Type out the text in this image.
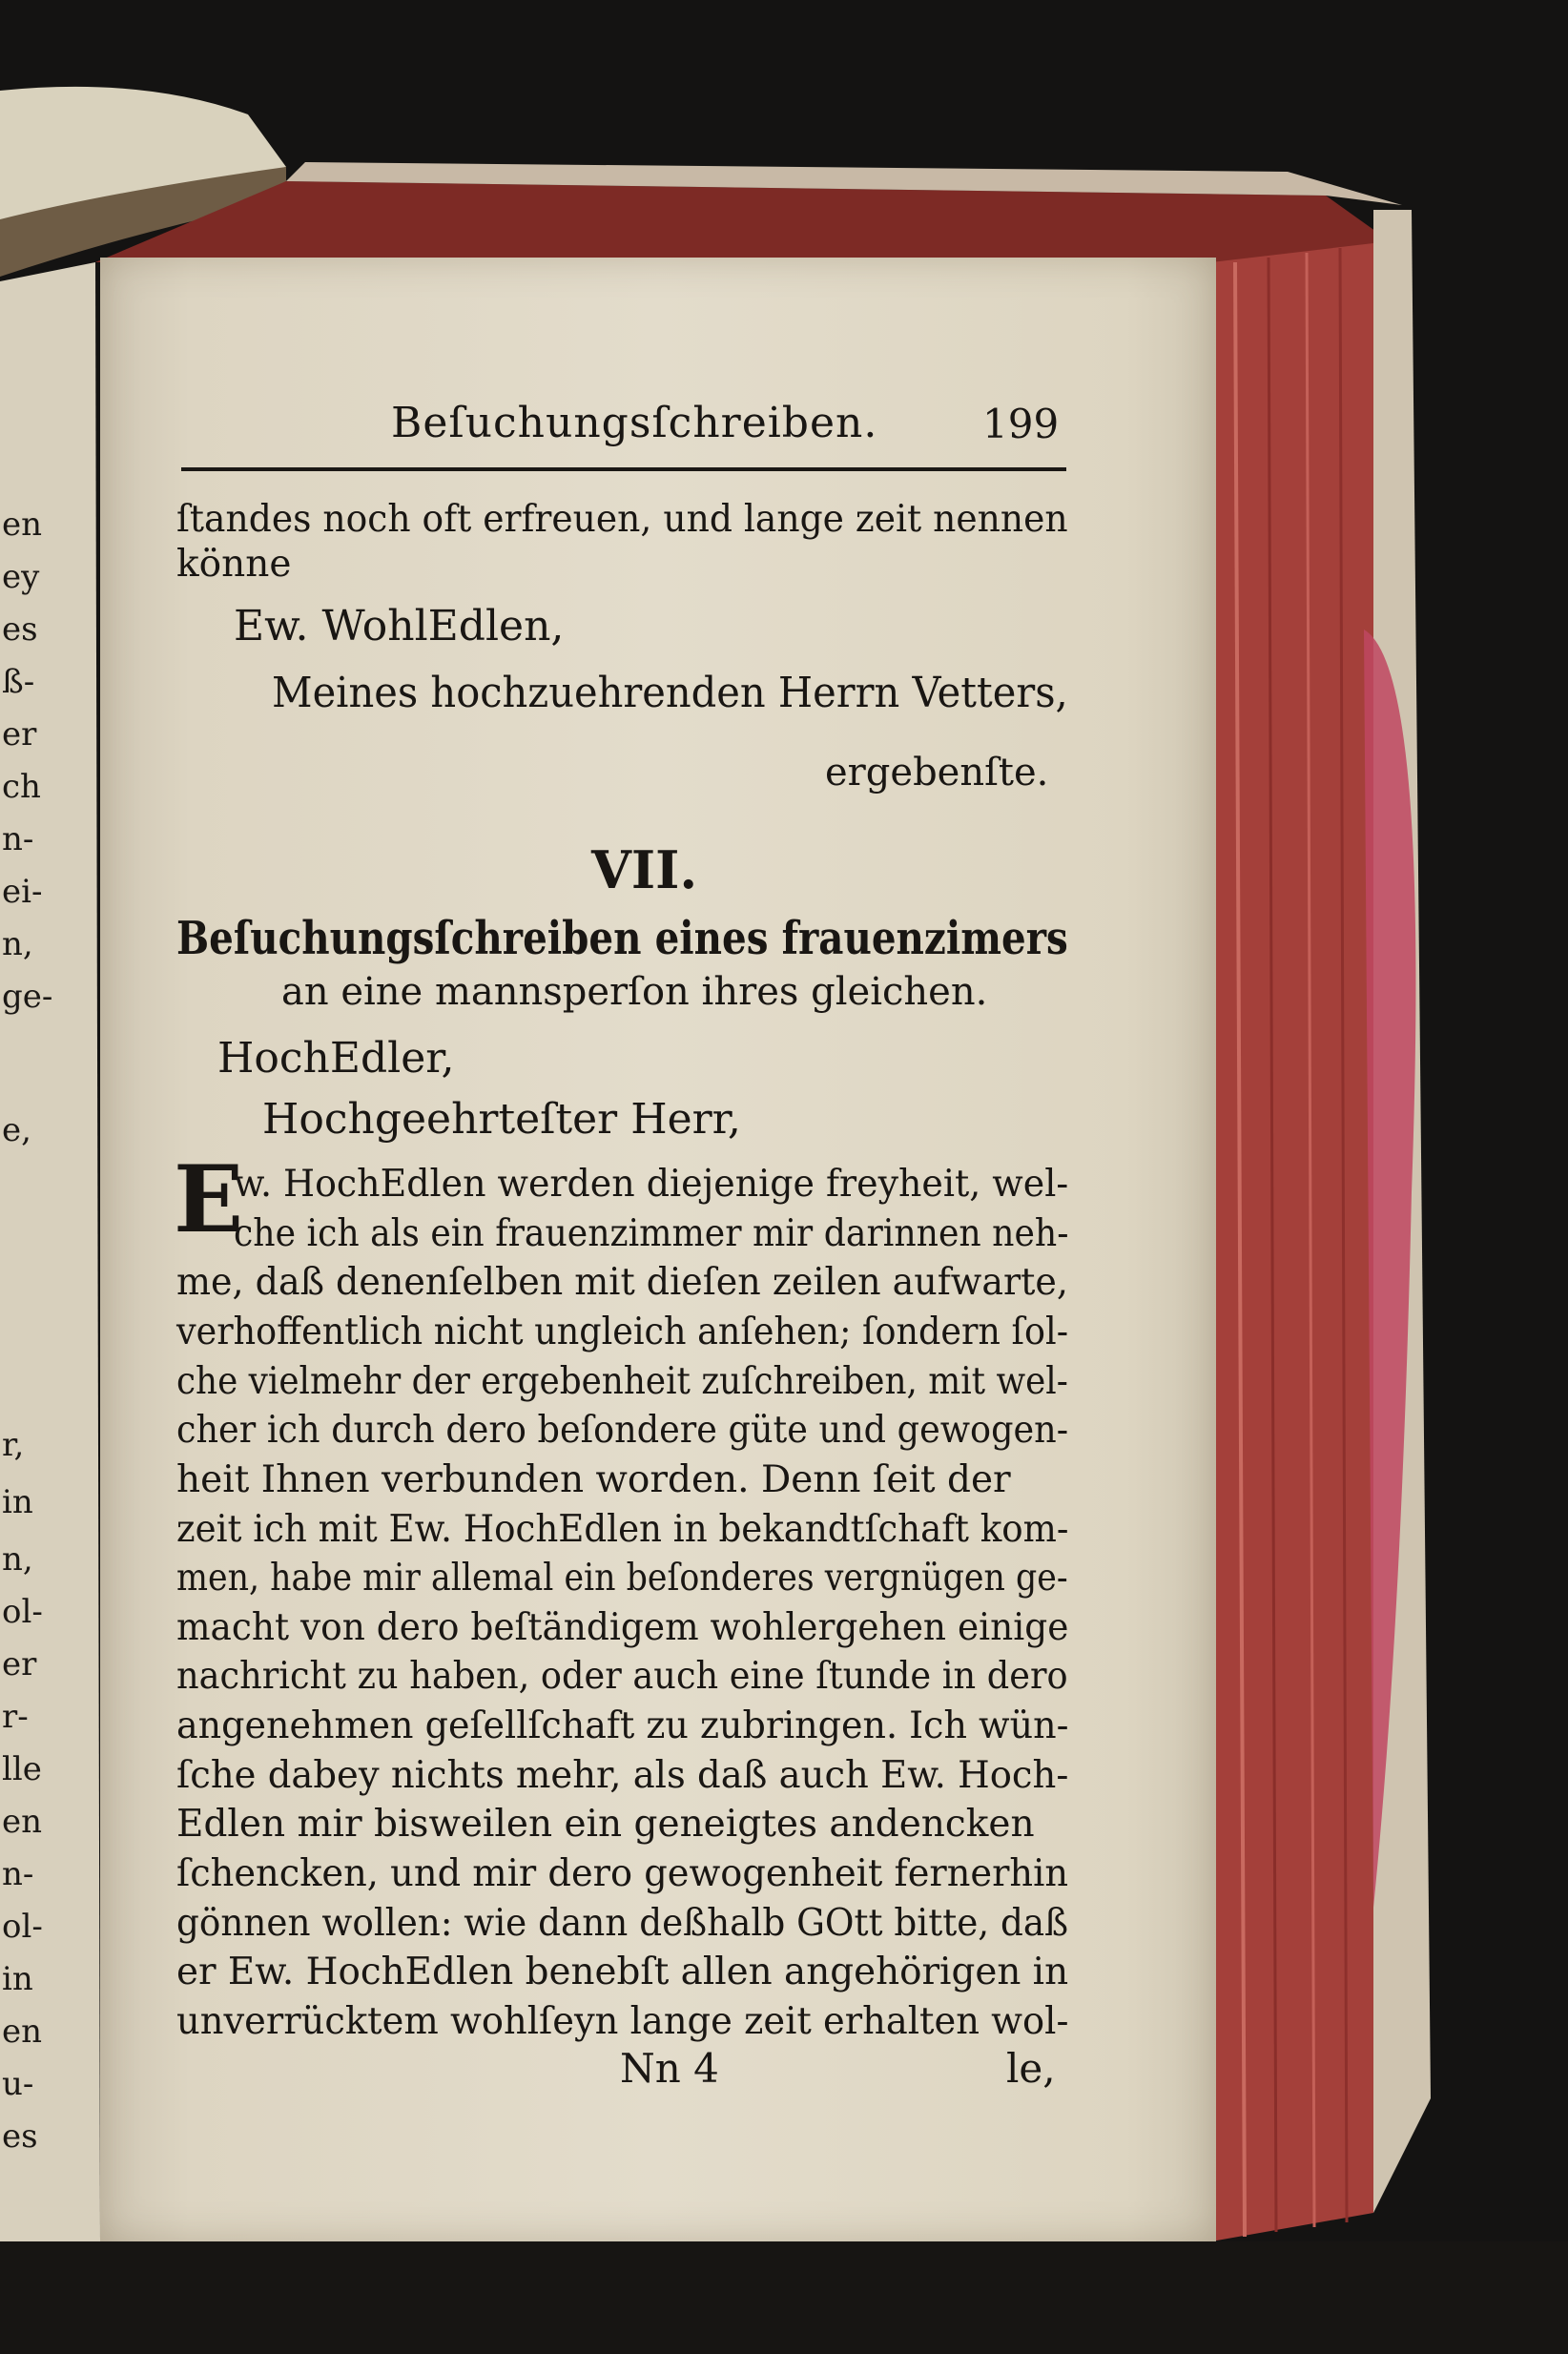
en
ey
es
ß-
er
ch
n-
ei-
n,
ge-
e,
r,
in
n,
ol-
er
r-
lle
en
n-
ol-
in
en
u-
es
Beſuchungsſchreiben.	199
ſtandes noch oft erfreuen, und lange zeit nennen
könne
Ew. WohlEdlen,
Meines hochzuehrenden Herrn Vetters,
ergebenſte.
VII.
Beſuchungsſchreiben eines frauenzimers
an eine mannsperſon ihres gleichen.
HochEdler,
Hochgeehrteſter Herr,
E
w. HochEdlen werden diejenige freyheit, wel-
che ich als ein frauenzimmer mir darinnen neh-
me, daß denenſelben mit dieſen zeilen aufwarte,
verhoffentlich nicht ungleich anſehen; ſondern ſol-
che vielmehr der ergebenheit zuſchreiben, mit wel-
cher ich durch dero beſondere güte und gewogen-
heit Ihnen verbunden worden. Denn ſeit der
zeit ich mit Ew. HochEdlen in bekandtſchaft kom-
men, habe mir allemal ein beſonderes vergnügen ge-
macht von dero beſtändigem wohlergehen einige
nachricht zu haben, oder auch eine ſtunde in dero
angenehmen geſellſchaft zu zubringen. Ich wün-
ſche dabey nichts mehr, als daß auch Ew. Hoch-
Edlen mir bisweilen ein geneigtes andencken
ſchencken, und mir dero gewogenheit fernerhin
gönnen wollen: wie dann deßhalb GOtt bitte, daß
Nn 4	le,
er Ew. HochEdlen benebſt allen angehörigen in
unverrücktem wohlſeyn lange zeit erhalten wol-
